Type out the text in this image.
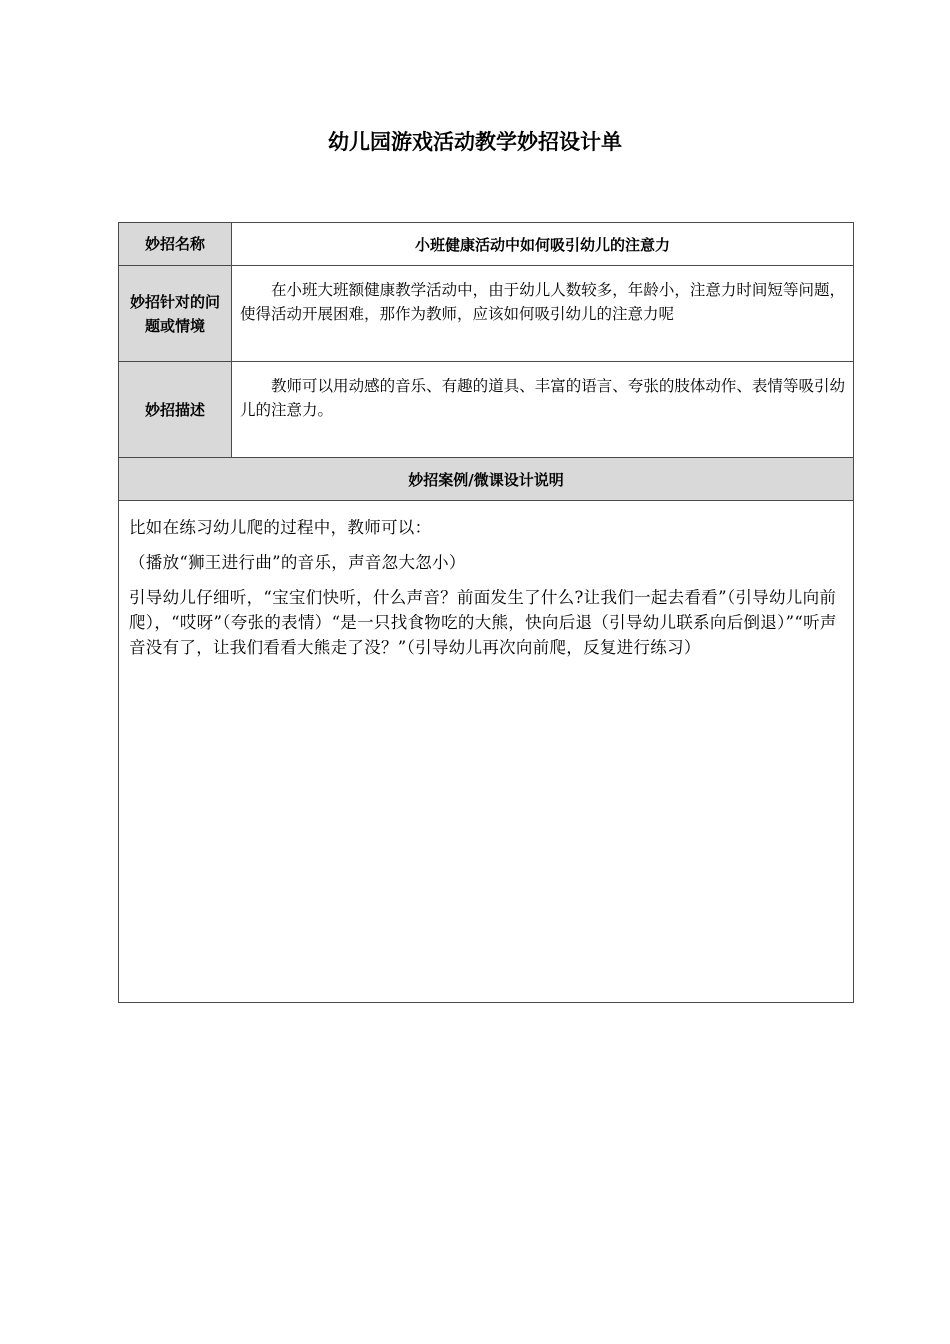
幼儿园游戏活动教学妙招设计单
妙招名称	小班健康活动中如何吸引幼儿的注意力

妙招针对的问题或情境	在小班大班额健康教学活动中，由于幼儿人数较多，年龄小，注意力时间短等问题，使得活动开展困难，那作为教师，应该如何吸引幼儿的注意力呢
妙招描述	教师可以用动感的音乐、有趣的道具、丰富的语言、夸张的肢体动作、表情等吸引幼儿的注意力。
妙招案例/微课设计说明	

比如在练习幼儿爬的过程中，教师可以：

（播放“狮王进行曲”的音乐，声音忽大忽小）

引导幼儿仔细听，“宝宝们快听，什么声音？前面发生了什么?让我们一起去看看”（引导幼儿向前爬），“哎呀”（夸张的表情）“是一只找食物吃的大熊，快向后退（引导幼儿联系向后倒退）”“听声音没有了，让我们看看大熊走了没？”（引导幼儿再次向前爬，反复进行练习）	
